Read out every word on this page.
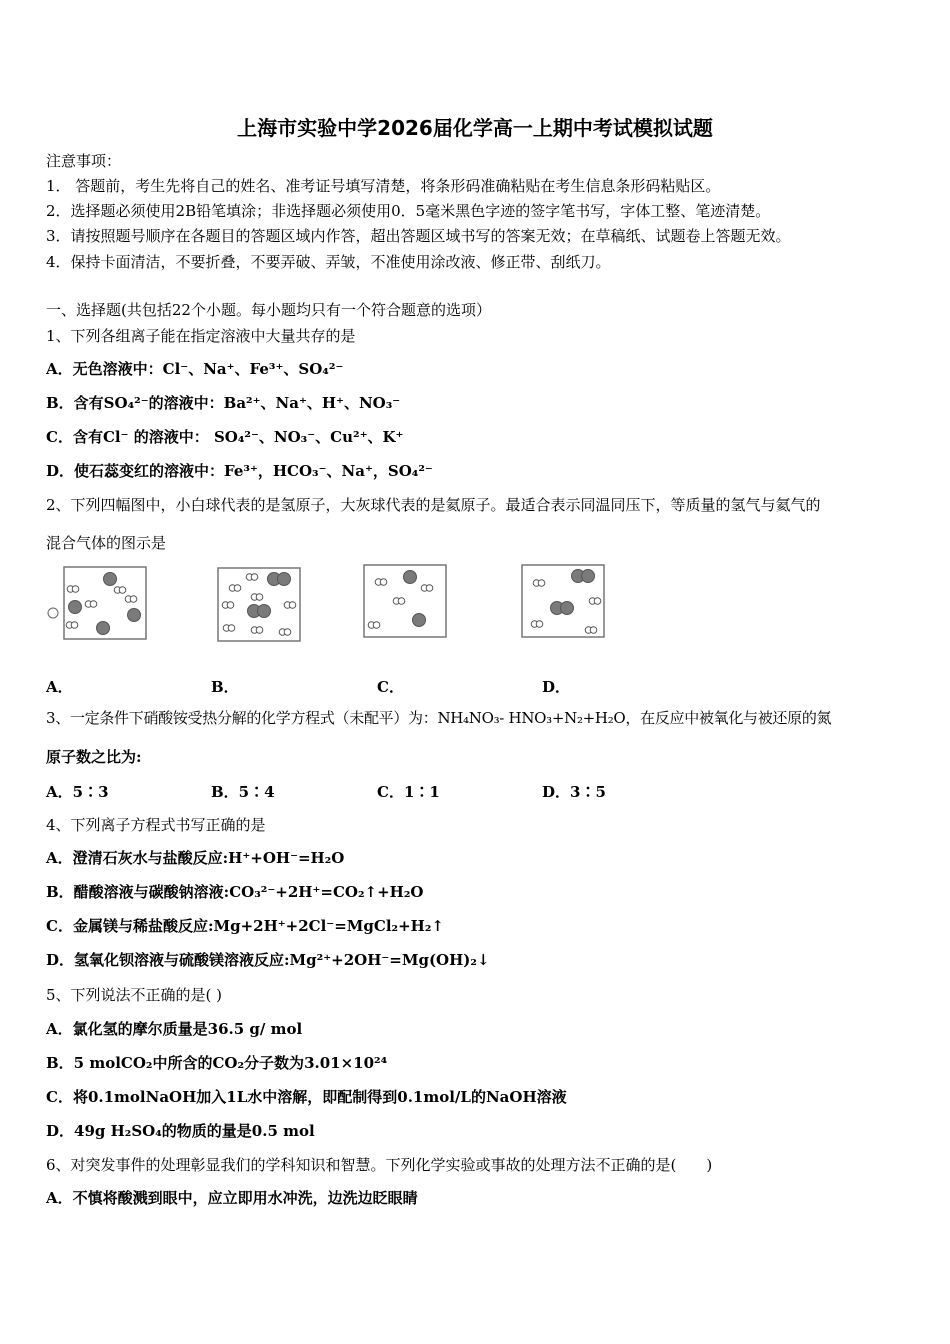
上海市实验中学2026届化学高一上期中考试模拟试题
注意事项：
1． 答题前，考生先将自己的姓名、准考证号填写清楚，将条形码准确粘贴在考生信息条形码粘贴区。
2．选择题必须使用2B铅笔填涂；非选择题必须使用0．5毫米黑色字迹的签字笔书写，字体工整、笔迹清楚。
3．请按照题号顺序在各题目的答题区域内作答，超出答题区域书写的答案无效；在草稿纸、试题卷上答题无效。
4．保持卡面清洁，不要折叠，不要弄破、弄皱，不准使用涂改液、修正带、刮纸刀。
一、选择题(共包括22个小题。每小题均只有一个符合题意的选项）
1、下列各组离子能在指定溶液中大量共存的是
A．无色溶液中：Cl⁻、Na⁺、Fe³⁺、SO₄²⁻
B．含有SO₄²⁻的溶液中：Ba²⁺、Na⁺、H⁺、NO₃⁻
C．含有Cl⁻ 的溶液中： SO₄²⁻、NO₃⁻、Cu²⁺、K⁺
D．使石蕊变红的溶液中：Fe³⁺，HCO₃⁻、Na⁺，SO₄²⁻
2、下列四幅图中，小白球代表的是氢原子，大灰球代表的是氦原子。最适合表示同温同压下，等质量的氢气与氦气的
混合气体的图示是
A．	B．	C．	D．
3、一定条件下硝酸铵受热分解的化学方程式（未配平）为：NH₄NO₃- HNO₃+N₂+H₂O，在反应中被氧化与被还原的氮
原子数之比为:
A．5∶3	B．5∶4	C．1∶1	D．3∶5
4、下列离子方程式书写正确的是
A．澄清石灰水与盐酸反应:H⁺+OH⁻=H₂O
B．醋酸溶液与碳酸钠溶液:CO₃²⁻+2H⁺=CO₂↑+H₂O
C．金属镁与稀盐酸反应:Mg+2H⁺+2Cl⁻=MgCl₂+H₂↑
D．氢氧化钡溶液与硫酸镁溶液反应:Mg²⁺+2OH⁻=Mg(OH)₂↓
5、下列说法不正确的是( )
A．氯化氢的摩尔质量是36.5 g/ mol
B．5 molCO₂中所含的CO₂分子数为3.01×10²⁴
C．将0.1molNaOH加入1L水中溶解，即配制得到0.1mol/L的NaOH溶液
D．49g H₂SO₄的物质的量是0.5 mol
6、对突发事件的处理彰显我们的学科知识和智慧。下列化学实验或事故的处理方法不正确的是(　　)
A．不慎将酸溅到眼中，应立即用水冲洗，边洗边眨眼睛
